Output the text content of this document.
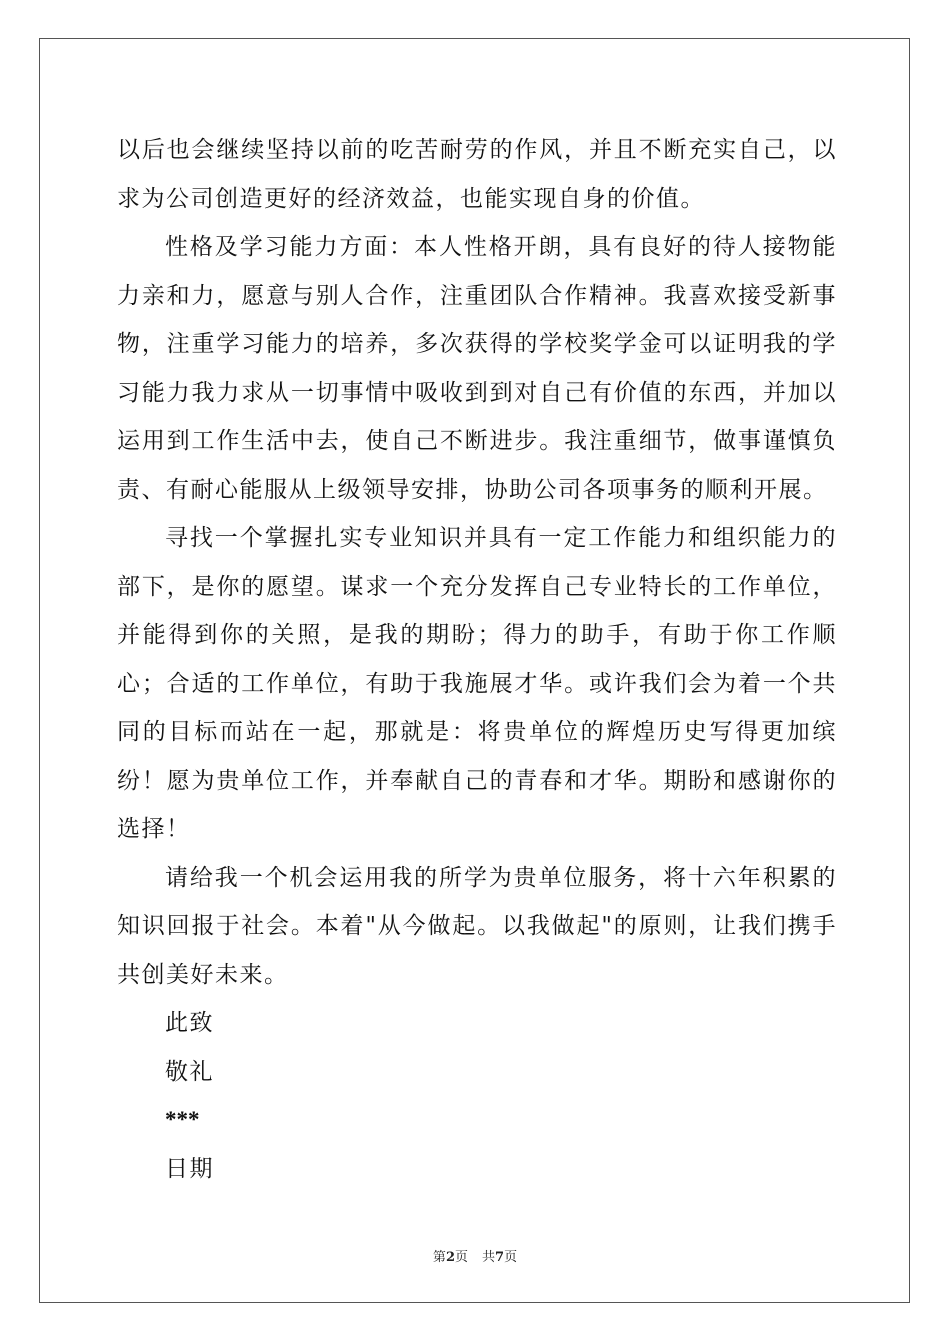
以后也会继续坚持以前的吃苦耐劳的作风，并且不断充实自己，以求为公司创造更好的经济效益，也能实现自身的价值。

性格及学习能力方面：本人性格开朗，具有良好的待人接物能力亲和力，愿意与别人合作，注重团队合作精神。我喜欢接受新事物，注重学习能力的培养，多次获得的学校奖学金可以证明我的学习能力我力求从一切事情中吸收到到对自己有价值的东西，并加以运用到工作生活中去，使自己不断进步。我注重细节，做事谨慎负责、有耐心能服从上级领导安排，协助公司各项事务的顺利开展。

寻找一个掌握扎实专业知识并具有一定工作能力和组织能力的部下，是你的愿望。谋求一个充分发挥自己专业特长的工作单位，并能得到你的关照，是我的期盼；得力的助手，有助于你工作顺心；合适的工作单位，有助于我施展才华。或许我们会为着一个共同的目标而站在一起，那就是：将贵单位的辉煌历史写得更加缤纷！愿为贵单位工作，并奉献自己的青春和才华。期盼和感谢你的选择！

请给我一个机会运用我的所学为贵单位服务，将十六年积累的知识回报于社会。本着"从今做起。以我做起"的原则，让我们携手共创美好未来。

此致

敬礼

***

日期

第2页 共7页
